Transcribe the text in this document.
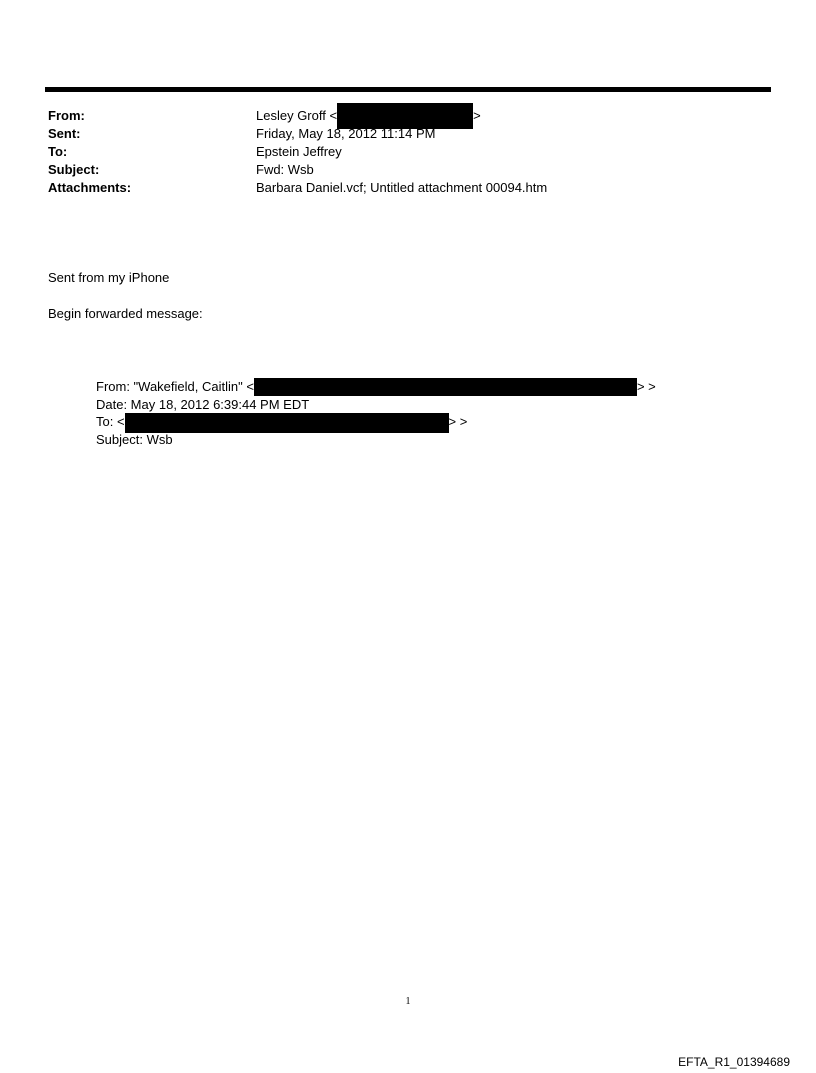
From:	Lesley Groff <	>
Sent:	Friday, May 18, 2012 11:14 PM
To:	Epstein Jeffrey
Subject:	Fwd: Wsb
Attachments:	Barbara Daniel.vcf; Untitled attachment 00094.htm
Sent from my iPhone
Begin forwarded message:
From: "Wakefield, Caitlin" <	> >
Date: May 18, 2012 6:39:44 PM EDT
To: <	> >
Subject: Wsb
1
EFTA_R1_01394689
